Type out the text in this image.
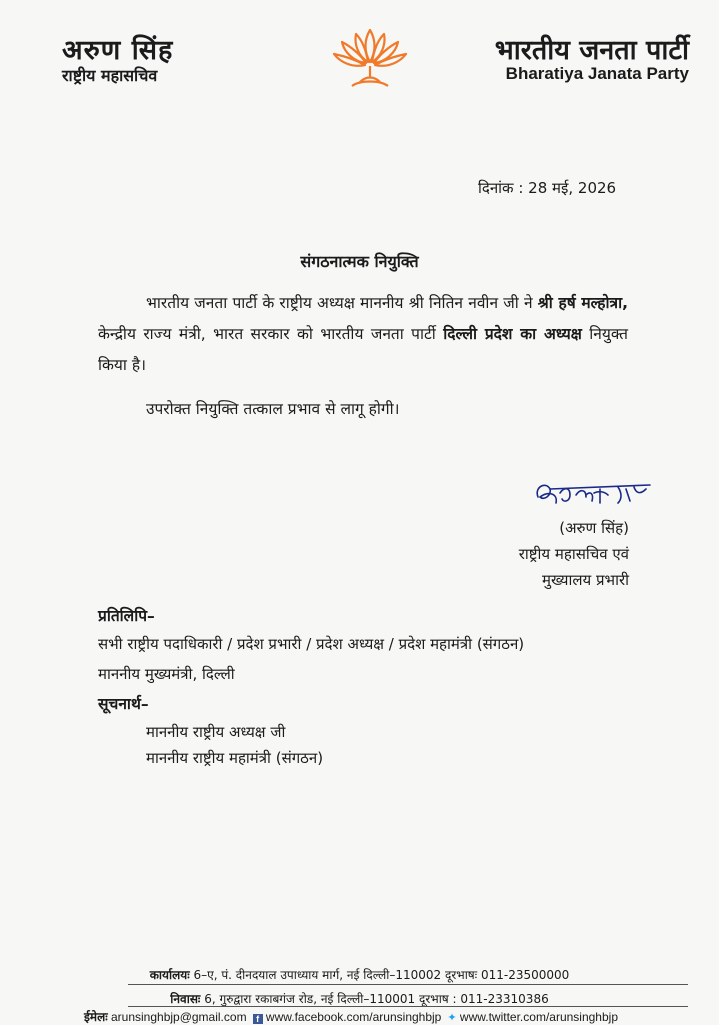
अरुण सिंह
राष्ट्रीय महासचिव
भारतीय जनता पार्टी
Bharatiya Janata Party
दिनांक : 28 मई, 2026
संगठनात्मक नियुक्ति
भारतीय जनता पार्टी के राष्ट्रीय अध्यक्ष माननीय श्री नितिन नवीन जी ने श्री हर्ष मल्होत्रा, केन्द्रीय राज्य मंत्री, भारत सरकार को भारतीय जनता पार्टी दिल्ली प्रदेश का अध्यक्ष नियुक्त किया है।
उपरोक्त नियुक्ति तत्काल प्रभाव से लागू होगी।
(अरुण सिंह)
राष्ट्रीय महासचिव एवं
मुख्यालय प्रभारी
प्रतिलिपि–
सभी राष्ट्रीय पदाधिकारी / प्रदेश प्रभारी / प्रदेश अध्यक्ष / प्रदेश महामंत्री (संगठन)
माननीय मुख्यमंत्री, दिल्ली
सूचनार्थ–
माननीय राष्ट्रीय अध्यक्ष जी
माननीय राष्ट्रीय महामंत्री (संगठन)
कार्यालयः 6–ए, पं. दीनदयाल उपाध्याय मार्ग, नई दिल्ली–110002 दूरभाषः 011-23500000
निवासः 6, गुरुद्वारा रकाबगंज रोड, नई दिल्ली–110001 दूरभाष : 011-23310386
ईमेलः arunsinghbjp@gmail.com f www.facebook.com/arunsinghbjp ✦ www.twitter.com/arunsinghbjp
